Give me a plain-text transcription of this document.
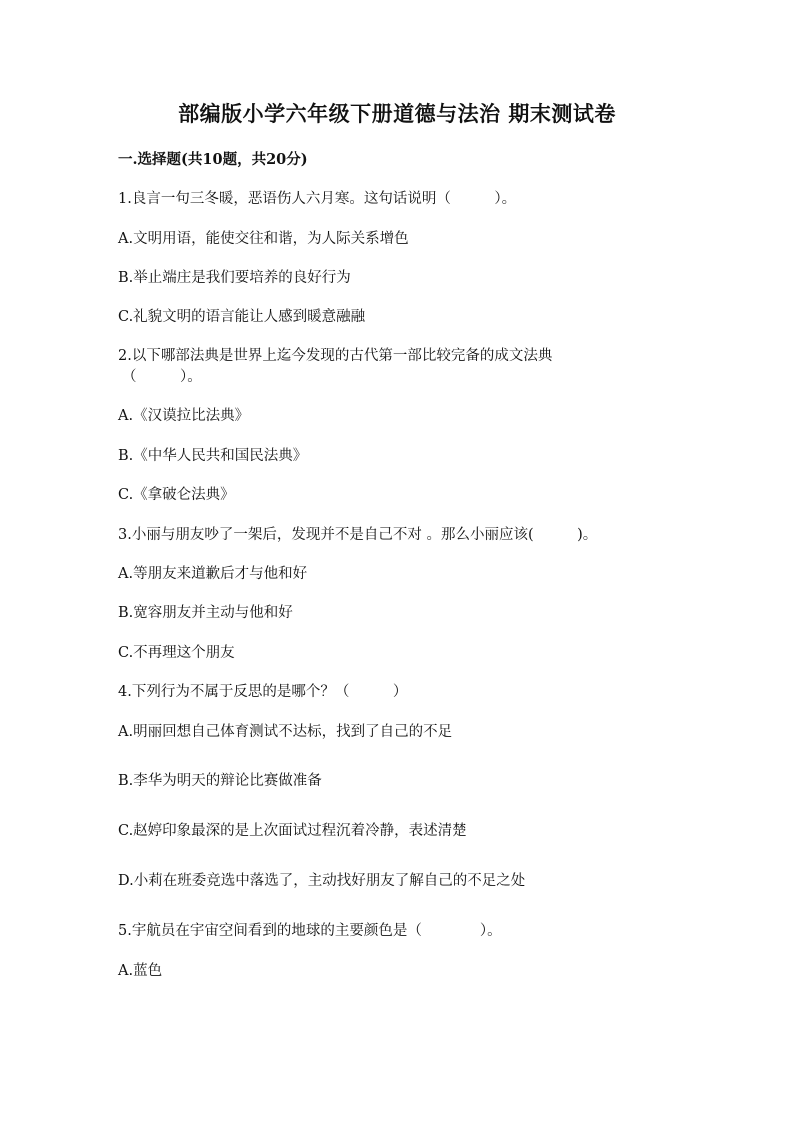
部编版小学六年级下册道德与法治 期末测试卷
一.选择题(共10题，共20分)
1.良言一句三冬暖，恶语伤人六月寒。这句话说明（　　　）。
A.文明用语，能使交往和谐，为人际关系增色
B.举止端庄是我们要培养的良好行为
C.礼貌文明的语言能让人感到暖意融融
2.以下哪部法典是世界上迄今发现的古代第一部比较完备的成文法典
（　　　）。
A.《汉谟拉比法典》
B.《中华人民共和国民法典》
C.《拿破仑法典》
3.小丽与朋友吵了一架后，发现并不是自己不对 。那么小丽应该(　　　)。
A.等朋友来道歉后才与他和好
B.宽容朋友并主动与他和好
C.不再理这个朋友
4.下列行为不属于反思的是哪个？（　　　）
A.明丽回想自己体育测试不达标，找到了自己的不足
B.李华为明天的辩论比赛做准备
C.赵婷印象最深的是上次面试过程沉着冷静，表述清楚
D.小莉在班委竞选中落选了，主动找好朋友了解自己的不足之处
5.宇航员在宇宙空间看到的地球的主要颜色是（　　　　）。
A.蓝色
